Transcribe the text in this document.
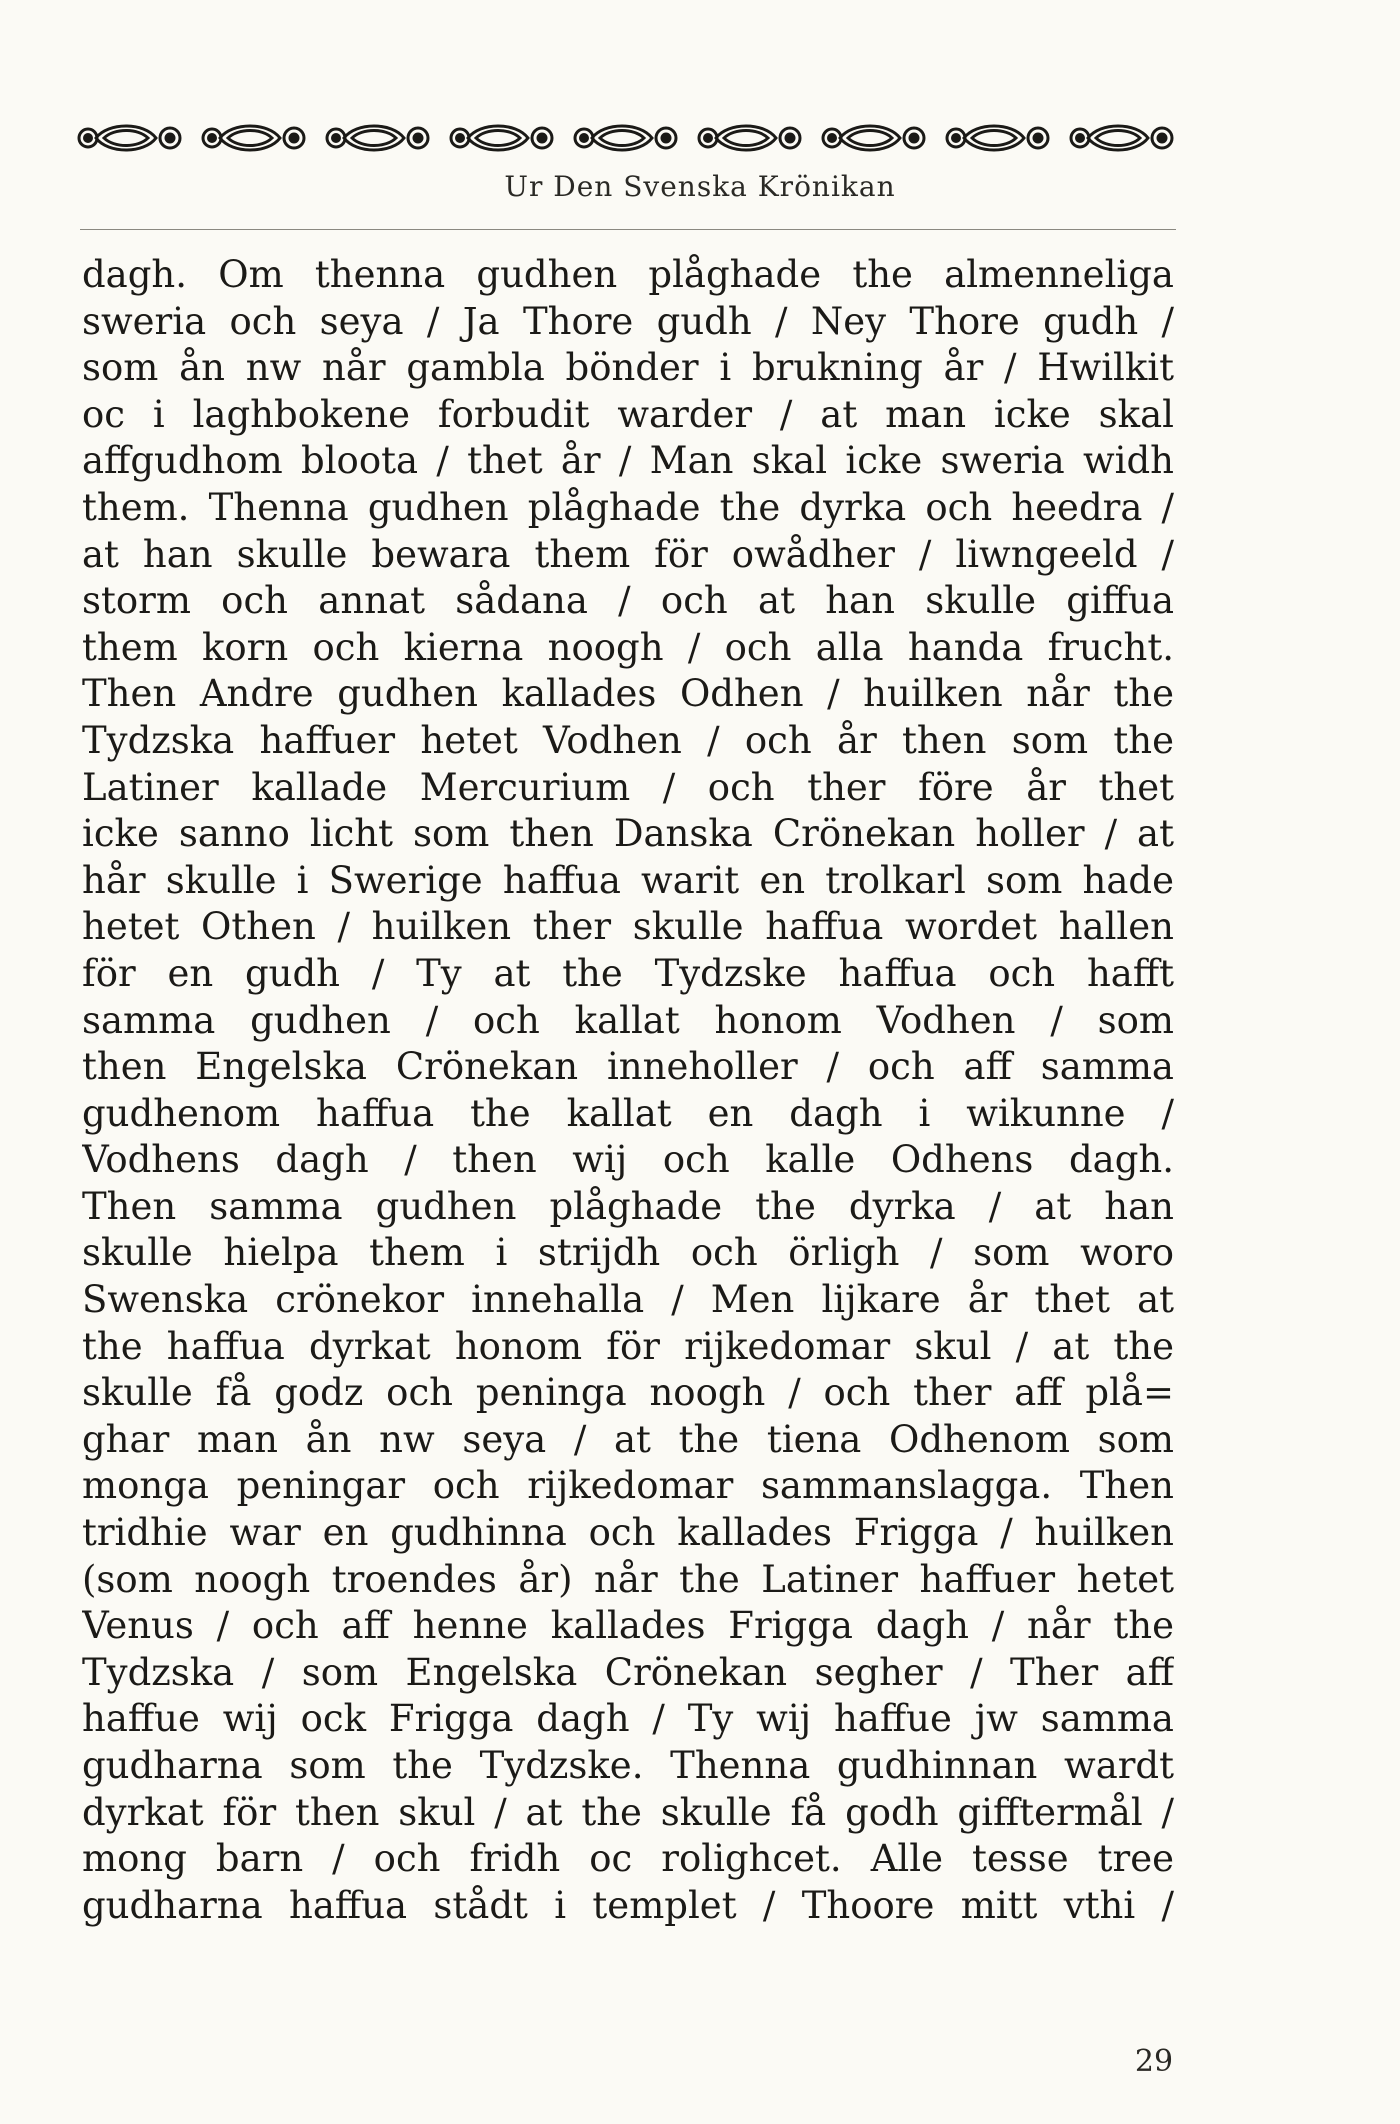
Ur Den Svenska Krönikan
dagh. Om thenna gudhen plåghade the almenneliga
sweria och seya / Ja Thore gudh / Ney Thore gudh /
som ån nw når gambla bönder i brukning år / Hwilkit
oc i laghbokene forbudit warder / at man icke skal
affgudhom bloota / thet år / Man skal icke sweria widh
them. Thenna gudhen plåghade the dyrka och heedra /
at han skulle bewara them för owådher / liwngeeld /
storm och annat sådana / och at han skulle giffua
them korn och kierna noogh / och alla handa frucht.
Then Andre gudhen kallades Odhen / huilken når the
Tydzska haffuer hetet Vodhen / och år then som the
Latiner kallade Mercurium / och ther före år thet
icke sanno licht som then Danska Crönekan holler / at
hår skulle i Swerige haffua warit en trolkarl som hade
hetet Othen / huilken ther skulle haffua wordet hallen
för en gudh / Ty at the Tydzske haffua och hafft
samma gudhen / och kallat honom Vodhen / som
then Engelska Crönekan inneholler / och aff samma
gudhenom haffua the kallat en dagh i wikunne /
Vodhens dagh / then wij och kalle Odhens dagh.
Then samma gudhen plåghade the dyrka / at han
skulle hielpa them i strijdh och örligh / som woro
Swenska crönekor innehalla / Men lijkare år thet at
the haffua dyrkat honom för rijkedomar skul / at the
skulle få godz och peninga noogh / och ther aff plå=
ghar man ån nw seya / at the tiena Odhenom som
monga peningar och rijkedomar sammanslagga. Then
tridhie war en gudhinna och kallades Frigga / huilken
(som noogh troendes år) når the Latiner haffuer hetet
Venus / och aff henne kallades Frigga dagh / når the
Tydzska / som Engelska Crönekan segher / Ther aff
haffue wij ock Frigga dagh / Ty wij haffue jw samma
gudharna som the Tydzske. Thenna gudhinnan wardt
dyrkat för then skul / at the skulle få godh gifftermål /
mong barn / och fridh oc rolighcet. Alle tesse tree
gudharna haffua stådt i templet / Thoore mitt vthi /
29
